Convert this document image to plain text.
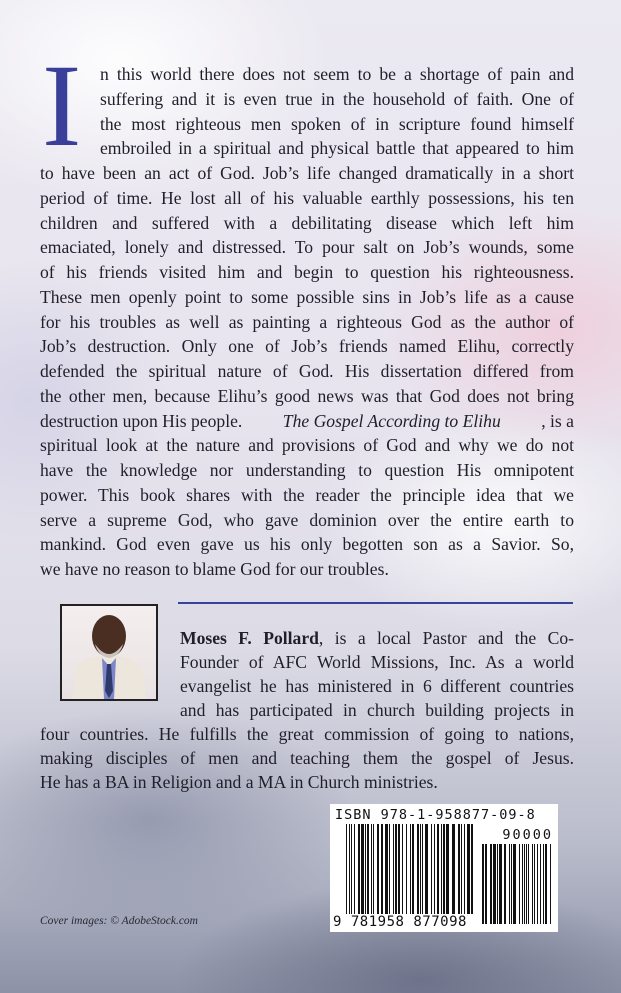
I n this world there does not seem to be a shortage of pain and
suffering and it is even true in the household of faith. One of
the most righteous men spoken of in scripture found himself
embroiled in a spiritual and physical battle that appeared to him
to have been an act of God. Job’s life changed dramatically in a short
period of time. He lost all of his valuable earthly possessions, his ten
children and suffered with a debilitating disease which left him
emaciated, lonely and distressed. To pour salt on Job’s wounds, some
of his friends visited him and begin to question his righteousness.
These men openly point to some possible sins in Job’s life as a cause
for his troubles as well as painting a righteous God as the author of
Job’s destruction. Only one of Job’s friends named Elihu, correctly
defended the spiritual nature of God. His dissertation differed from
the other men, because Elihu’s good news was that God does not bring
destruction upon His people. The Gospel According to Elihu , is a
spiritual look at the nature and provisions of God and why we do not
have the knowledge nor understanding to question His omnipotent
power. This book shares with the reader the principle idea that we
serve a supreme God, who gave dominion over the entire earth to
mankind. God even gave us his only begotten son as a Savior. So,
we have no reason to blame God for our troubles.
Moses F. Pollard, is a local Pastor and the Co-
Founder of AFC World Missions, Inc. As a world
evangelist he has ministered in 6 different countries
and has participated in church building projects in
four countries. He fulfills the great commission of going to nations,
making disciples of men and teaching them the gospel of Jesus.
He has a BA in Religion and a MA in Church ministries.
ISBN 978-1-958877-09-8
90000
9 781958 877098
Cover images: © AdobeStock.com
